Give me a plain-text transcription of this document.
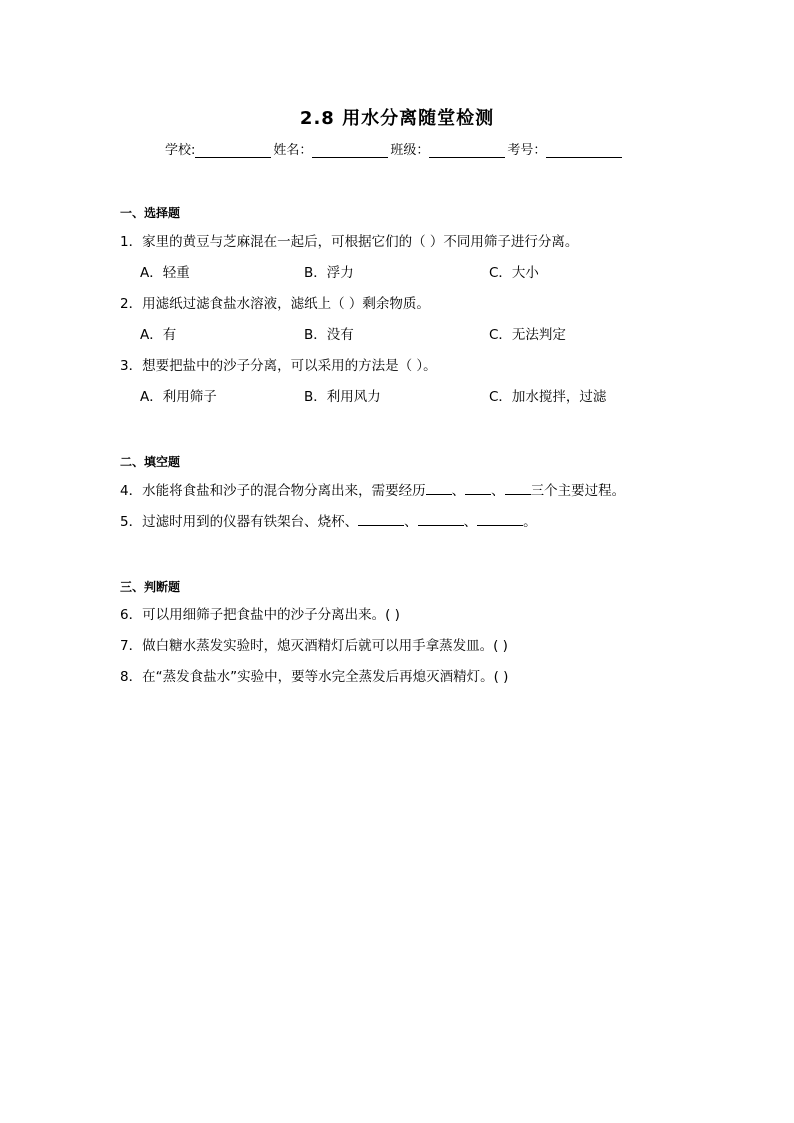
2.8 用水分离随堂检测
学校:	姓名：	班级：	考号：
一、选择题
1．家里的黄豆与芝麻混在一起后，可根据它们的（ ）不同用筛子进行分离。
A．轻重	B．浮力	C．大小
2．用滤纸过滤食盐水溶液，滤纸上（ ）剩余物质。
A．有	B．没有	C．无法判定
3．想要把盐中的沙子分离，可以采用的方法是（ ）。
A．利用筛子	B．利用风力	C．加水搅拌，过滤
二、填空题
4．水能将食盐和沙子的混合物分离出来，需要经历 、 、 三个主要过程。
5．过滤时用到的仪器有铁架台、烧杯、	、	、	。
三、判断题
6．可以用细筛子把食盐中的沙子分离出来。( )
7．做白糖水蒸发实验时，熄灭酒精灯后就可以用手拿蒸发皿。( )
8．在“蒸发食盐水”实验中，要等水完全蒸发后再熄灭酒精灯。( )
